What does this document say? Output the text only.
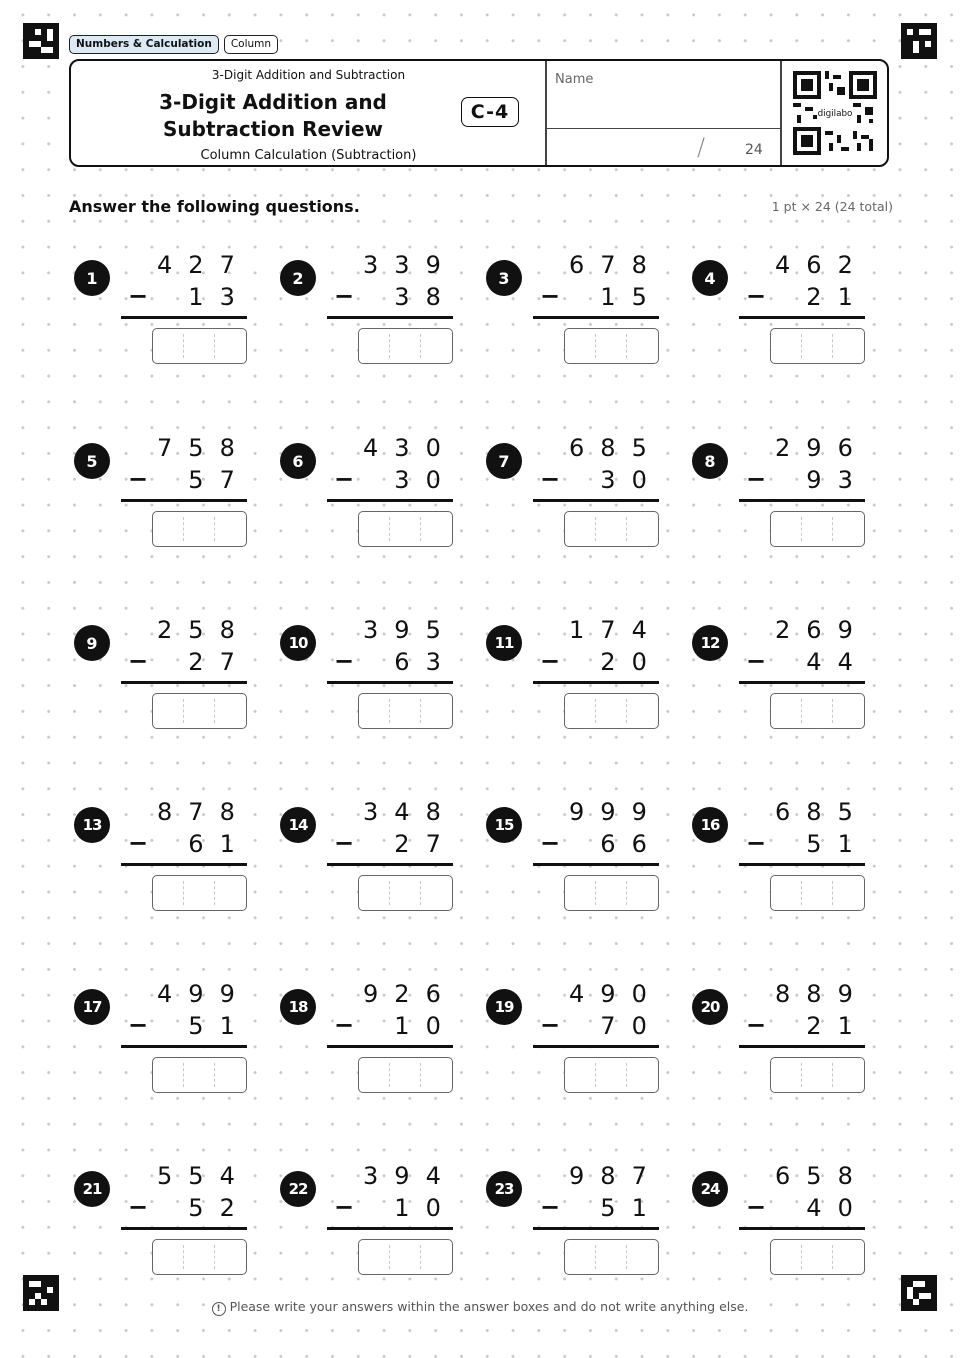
Numbers & Calculation	Column
3-Digit Addition and Subtraction
3-Digit Addition and Subtraction Review
C-4
Column Calculation (Subtraction)
Name
/	24
digilabo
Answer the following questions.	1 pt × 24 (24 total)
1	4 2 7
−	1 3
2	3 3 9
−	3 8
3	6 7 8
−	1 5
4	4 6 2
−	2 1
5	7 5 8
−	5 7
6	4 3 0
−	3 0
7	6 8 5
−	3 0
8	2 9 6
−	9 3
9	2 5 8
−	2 7
10	3 9 5
−	6 3
11	1 7 4
−	2 0
12	2 6 9
−	4 4
13	8 7 8
−	6 1
14	3 4 8
−	2 7
15	9 9 9
−	6 6
16	6 8 5
−	5 1
17	4 9 9
−	5 1
18	9 2 6
−	1 0
19	4 9 0
−	7 0
20	8 8 9
−	2 1
21	5 5 4
−	5 2
22	3 9 4
−	1 0
23	9 8 7
−	5 1
24	6 5 8
−	4 0
! Please write your answers within the answer boxes and do not write anything else.
